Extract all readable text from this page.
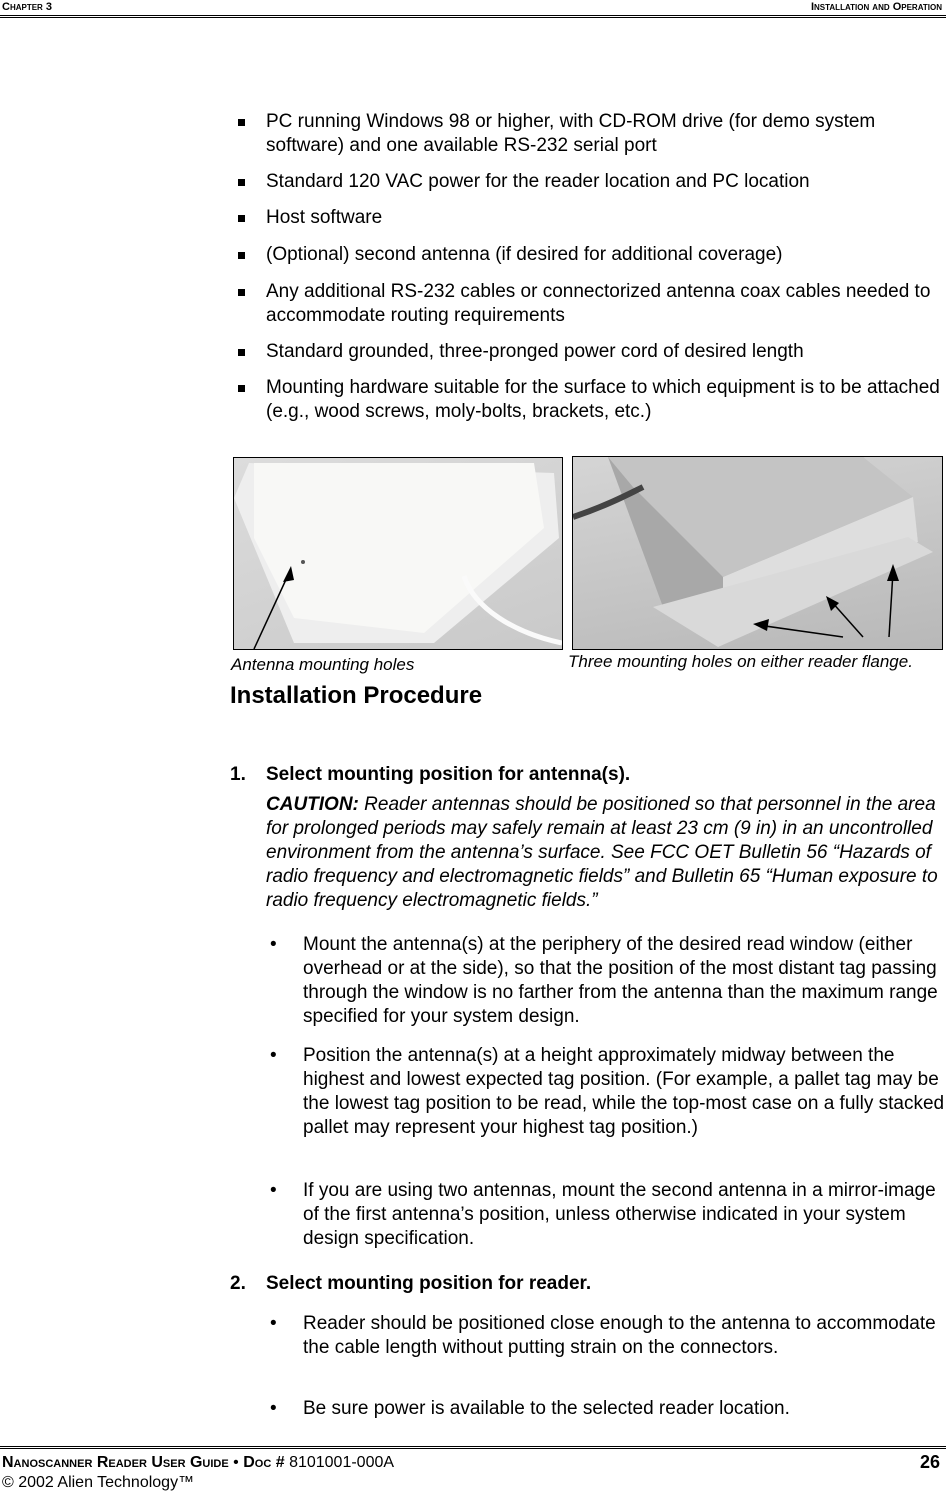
Chapter 3	Installation and Operation
PC running Windows 98 or higher, with CD-ROM drive (for demo system software) and one available RS-232 serial port
Standard 120 VAC power for the reader location and PC location
Host software
(Optional) second antenna (if desired for additional coverage)
Any additional RS-232 cables or connectorized antenna coax cables needed to accommodate routing requirements
Standard grounded, three-pronged power cord of desired length
Mounting hardware suitable for the surface to which equipment is to be attached (e.g., wood screws, moly-bolts, brackets, etc.)
Antenna mounting holes	Three mounting holes on either reader flange.
Installation Procedure
1. Select mounting position for antenna(s).
CAUTION: Reader antennas should be positioned so that personnel in the area for prolonged periods may safely remain at least 23 cm (9 in) in an uncontrolled environment from the antenna’s surface. See FCC OET Bulletin 56 “Hazards of radio frequency and electromagnetic fields” and Bulletin 65 “Human exposure to radio frequency electromagnetic fields.”
2. Select mounting position for reader.
• Mount the antenna(s) at the periphery of the desired read window (either overhead or at the side), so that the position of the most distant tag passing through the window is no farther from the antenna than the maximum range specified for your system design.
• Position the antenna(s) at a height approximately midway between the highest and lowest expected tag position. (For example, a pallet tag may be the lowest tag position to be read, while the top-most case on a fully stacked pallet may represent your highest tag position.)
• If you are using two antennas, mount the second antenna in a mirror-image of the first antenna’s position, unless otherwise indicated in your system design specification.
• Reader should be positioned close enough to the antenna to accommodate the cable length without putting strain on the connectors.
• Be sure power is available to the selected reader location.
Nanoscanner Reader User Guide • Doc # 8101001-000A	26
© 2002 Alien Technology™
